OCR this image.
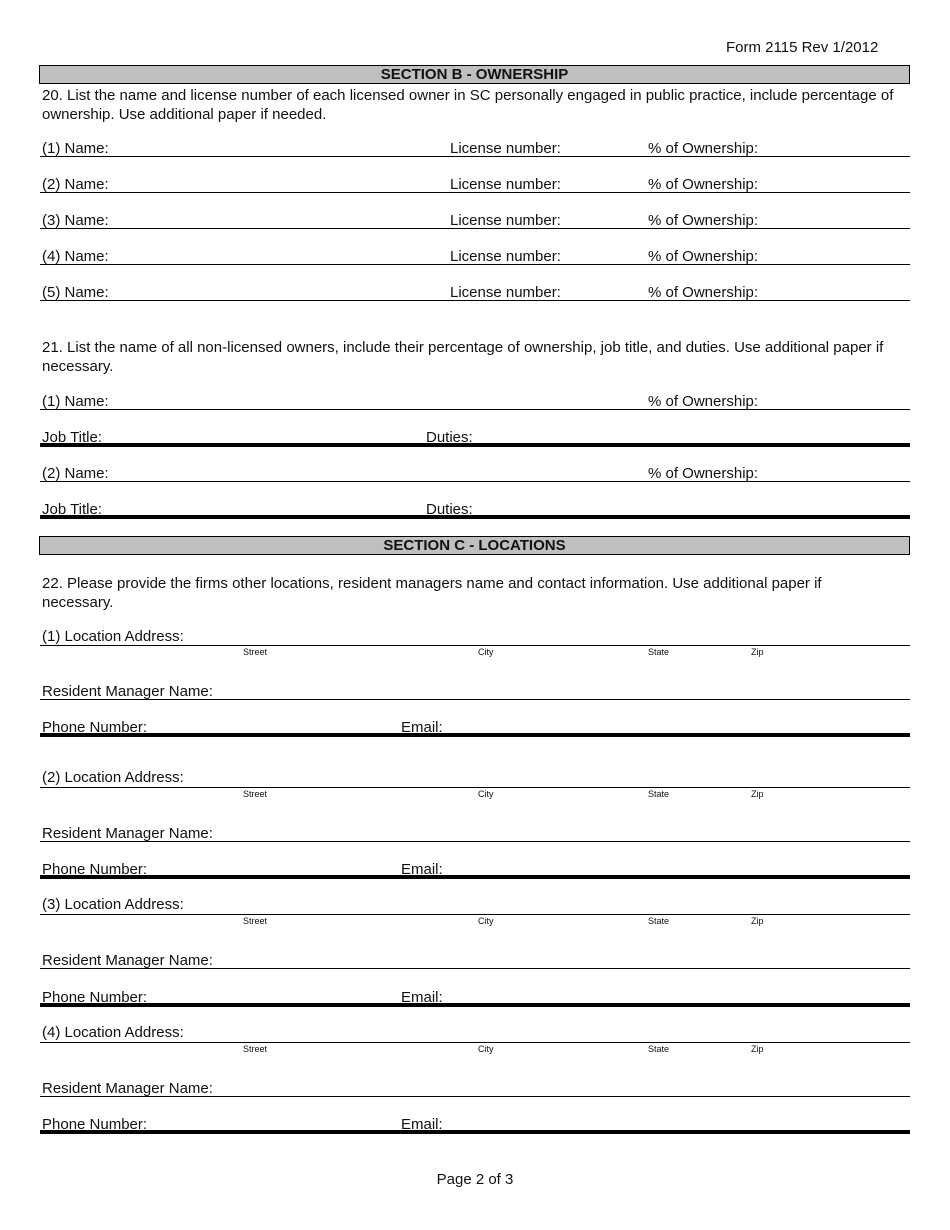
Form 2115 Rev 1/2012
SECTION B - OWNERSHIP
20. List the name and license number of each licensed owner in SC personally engaged in public practice, include percentage of ownership. Use additional paper if needed.
(1) Name:	License number:	% of Ownership:
(2) Name:	License number:	% of Ownership:
(3) Name:	License number:	% of Ownership:
(4) Name:	License number:	% of Ownership:
(5) Name:	License number:	% of Ownership:
21. List the name of all non-licensed owners, include their percentage of ownership, job title, and duties. Use additional paper if necessary.
(1) Name:	% of Ownership:
Job Title:	Duties:
(2) Name:	% of Ownership:
Job Title:	Duties:
SECTION C - LOCATIONS
22. Please provide the firms other locations, resident managers name and contact information. Use additional paper if necessary.
(1) Location Address:
Street	City	State	Zip
Resident Manager Name:
Phone Number:	Email:
(2) Location Address:
Street	City	State	Zip
Resident Manager Name:
Phone Number:	Email:
(3) Location Address:
Street	City	State	Zip
Resident Manager Name:
Phone Number:	Email:
(4) Location Address:
Street	City	State	Zip
Resident Manager Name:
Phone Number:	Email:
Page 2 of 3
